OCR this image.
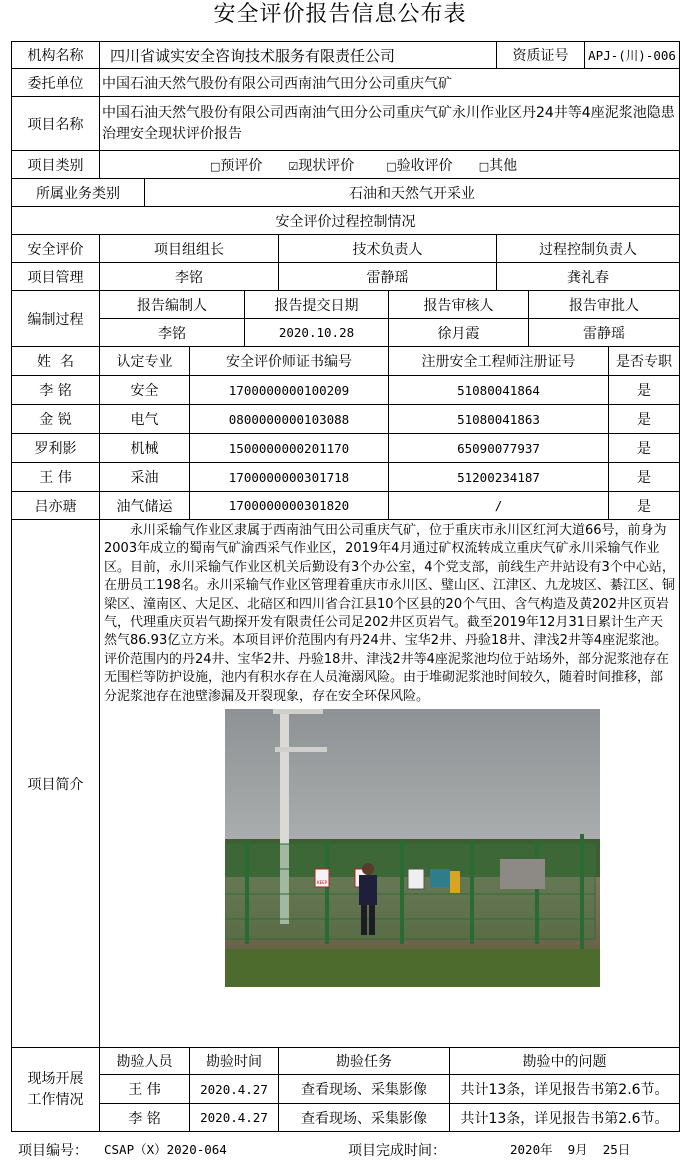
安全评价报告信息公布表
机构名称	四川省诚实安全咨询技术服务有限责任公司							资质证号		APJ-(川)-006	
委托单位	中国石油天然气股份有限公司西南油气田分公司重庆气矿										
项目名称	中国石油天然气股份有限公司西南油气田分公司重庆气矿永川作业区丹24井等4座泥浆池隐患治理安全现状评价报告										
项目类别	□预评价 ☑现状评价 □验收评价 □其他										
所属业务类别		石油和天然气开采业									
安全评价过程控制情况											
安全评价	项目组组长				技术负责人			过程控制负责人			
项目管理	李铭				雷静瑶			龚礼春			
编制过程	报告编制人			报告提交日期		报告审核人			报告审批人		
	李铭			2020.10.28		徐月霞			雷静瑶		
姓  名	认定专业		安全评价师证书编号			注册安全工程师注册证号					是否专职
李 铭	安全		1700000000100209			51080041864					是
金 锐	电气		0800000000103088			51080041863					是
罗利影	机械		1500000000201170			65090077937					是
王 伟	采油		1700000000301718			51200234187					是
吕亦瑭	油气储运		1700000000301820			/					是
项目简介	永川采输气作业区隶属于西南油气田公司重庆气矿，位于重庆市永川区红河大道66号，前身为2003年成立的蜀南气矿渝西采气作业区，2019年4月通过矿权流转成立重庆气矿永川采输气作业区。目前，永川采输气作业区机关后勤设有3个办公室，4个党支部，前线生产井站设有3个中心站，在册员工198名。永川采输气作业区管理着重庆市永川区、璧山区、江津区、九龙坡区、綦江区、铜梁区、潼南区、大足区、北碚区和四川省合江县10个区县的20个气田、含气构造及黄202井区页岩气，代理重庆页岩气勘探开发有限责任公司足202井区页岩气。截至2019年12月31日累计生产天然气86.93亿立方米。本项目评价范围内有丹24井、宝华2井、丹验18井、津浅2井等4座泥浆池。评价范围内的丹24井、宝华2井、丹验18井、津浅2井等4座泥浆池均位于站场外，部分泥浆池存在无围栏等防护设施，池内有积水存在人员淹溺风险。由于堆砌泥浆池时间较久，随着时间推移，部分泥浆池存在池壁渗漏及开裂现象，存在安全环保风险。

KEEP										

现场开展
工作情况	勘验人员		勘验时间		勘验任务		勘验中的问题				
	王 伟		2020.4.27		查看现场、采集影像		共计13条，详见报告书第2.6节。				
	李 铭		2020.4.27		查看现场、采集影像		共计13条，详见报告书第2.6节。				
项目编号： CSAP（X）2020-064	项目完成时间：	2020年  9月  25日
